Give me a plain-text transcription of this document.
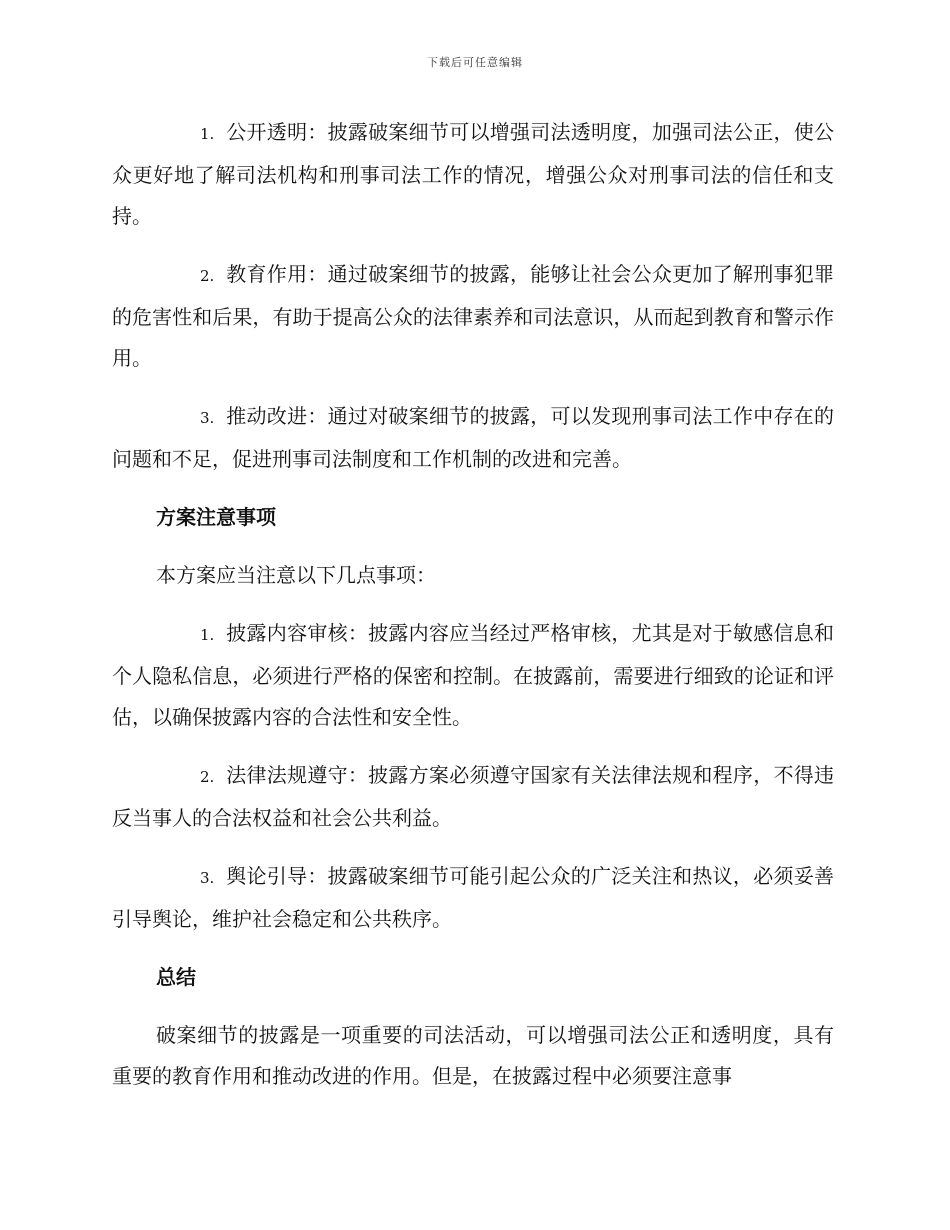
下载后可任意编辑

1. 公开透明：披露破案细节可以增强司法透明度，加强司法公正，使公众更好地了解司法机构和刑事司法工作的情况，增强公众对刑事司法的信任和支持。

2. 教育作用：通过破案细节的披露，能够让社会公众更加了解刑事犯罪的危害性和后果，有助于提高公众的法律素养和司法意识，从而起到教育和警示作用。

3. 推动改进：通过对破案细节的披露，可以发现刑事司法工作中存在的问题和不足，促进刑事司法制度和工作机制的改进和完善。

方案注意事项

本方案应当注意以下几点事项：

1. 披露内容审核：披露内容应当经过严格审核，尤其是对于敏感信息和个人隐私信息，必须进行严格的保密和控制。在披露前，需要进行细致的论证和评估，以确保披露内容的合法性和安全性。

2. 法律法规遵守：披露方案必须遵守国家有关法律法规和程序，不得违反当事人的合法权益和社会公共利益。

3. 舆论引导：披露破案细节可能引起公众的广泛关注和热议，必须妥善引导舆论，维护社会稳定和公共秩序。

总结

破案细节的披露是一项重要的司法活动，可以增强司法公正和透明度，具有重要的教育作用和推动改进的作用。但是，在披露过程中必须要注意事
